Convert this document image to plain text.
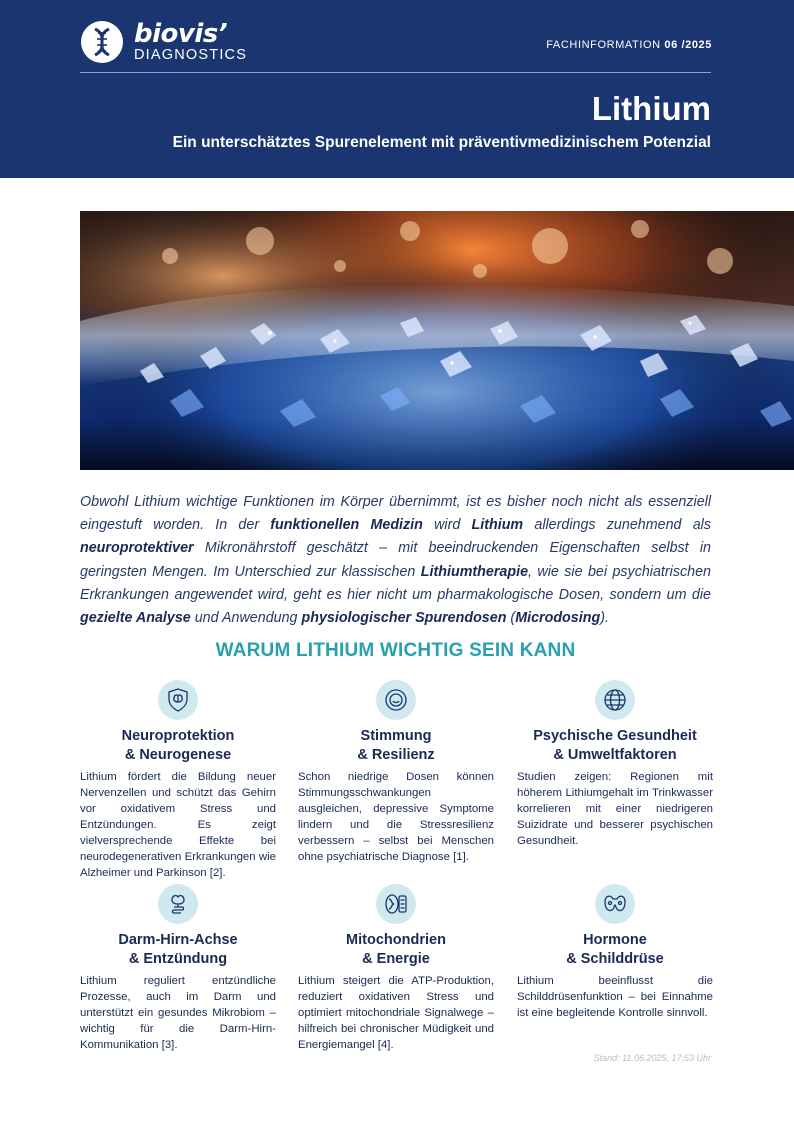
biovis’
DIAGNOSTICS
FACHINFORMATION 06 /2025
Lithium
Ein unterschätztes Spurenelement mit präventivmedizinischem Potenzial

Obwohl Lithium wichtige Funktionen im Körper übernimmt, ist es bisher noch nicht als essenziell eingestuft worden. In der funktionellen Medizin wird Lithium allerdings zunehmend als neuroprotektiver Mikronährstoff geschätzt – mit beeindruckenden Eigenschaften selbst in geringsten Mengen. Im Unterschied zur klassischen Lithiumtherapie, wie sie bei psychiatrischen Erkrankungen angewendet wird, geht es hier nicht um pharmakologische Dosen, sondern um die gezielte Analyse und Anwendung physiologischer Spurendosen (Microdosing).

WARUM LITHIUM WICHTIG SEIN KANN
Neuroprotektion
& Neurogenese

Lithium fördert die Bildung neuer Nervenzellen und schützt das Gehirn vor oxidativem Stress und Entzündungen. Es zeigt vielversprechende Effekte bei neurodegenerativen Erkrankungen wie Alzheimer und Parkinson [2].

Stimmung
& Resilienz

Schon niedrige Dosen können Stimmungsschwankungen ausgleichen, depressive Symptome lindern und die Stressresilienz verbessern – selbst bei Menschen ohne psychiatrische Diagnose [1].

Psychische Gesundheit
& Umweltfaktoren

Studien zeigen: Regionen mit höherem Lithiumgehalt im Trinkwasser korrelieren mit einer niedrigeren Suizidrate und besserer psychischen Gesundheit.

Darm-Hirn-Achse
& Entzündung

Lithium reguliert entzündliche Prozesse, auch im Darm und unterstützt ein gesundes Mikrobiom – wichtig für die Darm-Hirn-Kommunikation [3].

Mitochondrien
& Energie

Lithium steigert die ATP-Produktion, reduziert oxidativen Stress und optimiert mitochondriale Signalwege – hilfreich bei chronischer Müdigkeit und Energiemangel [4].

Hormone
& Schilddrüse

Lithium beeinflusst die Schilddrüsenfunktion – bei Einnahme ist eine begleitende Kontrolle sinnvoll.

Stand: 11.06.2025, 17:53 Uhr
